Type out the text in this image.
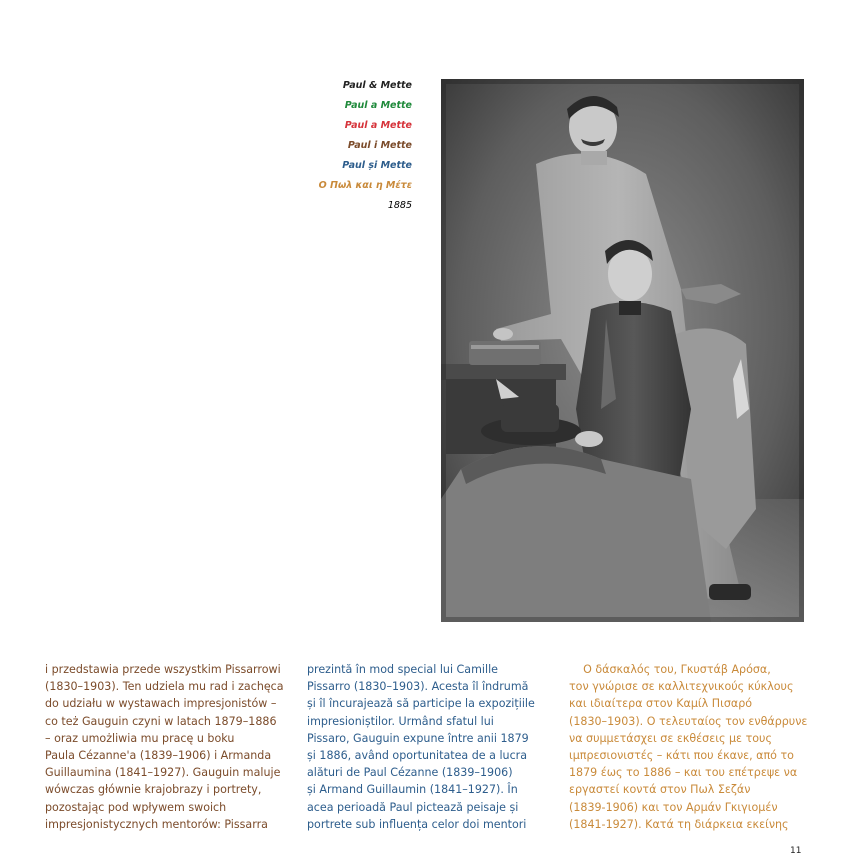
Paul & Mette
Paul a Mette
Paul a Mette
Paul i Mette
Paul și Mette
Ο Πωλ και η Μέτε
1885
i przedstawia przede wszystkim Pissarrowi
(1830–1903). Ten udziela mu rad i zachęca
do udziału w wystawach impresjonistów –
co też Gauguin czyni w latach 1879–1886
– oraz umożliwia mu pracę u boku
Paula Cézanne'a (1839–1906) i Armanda
Guillaumina (1841–1927). Gauguin maluje
wówczas głównie krajobrazy i portrety,
pozostając pod wpływem swoich
impresjonistycznych mentorów: Pissarra
prezintă în mod special lui Camille
Pissarro (1830–1903). Acesta îl îndrumă
și îl încurajează să participe la expozițiile
impresioniștilor. Urmând sfatul lui
Pissaro, Gauguin expune între anii 1879
și 1886, având oportunitatea de a lucra
alături de Paul Cézanne (1839–1906)
și Armand Guillaumin (1841–1927). În
acea perioadă Paul pictează peisaje și
portrete sub influența celor doi mentori
Ο δάσκαλός του, Γκυστάβ Αρόσα,
τον γνώρισε σε καλλιτεχνικούς κύκλους
και ιδιαίτερα στον Καμίλ Πισαρό
(1830–1903). Ο τελευταίος τον ενθάρρυνε
να συμμετάσχει σε εκθέσεις με τους
ιμπρεσιονιστές – κάτι που έκανε, από το
1879 έως το 1886 – και του επέτρεψε να
εργαστεί κοντά στον Πωλ Σεζάν
(1839-1906) και τον Αρμάν Γκιγιομέν
(1841-1927). Κατά τη διάρκεια εκείνης
11
